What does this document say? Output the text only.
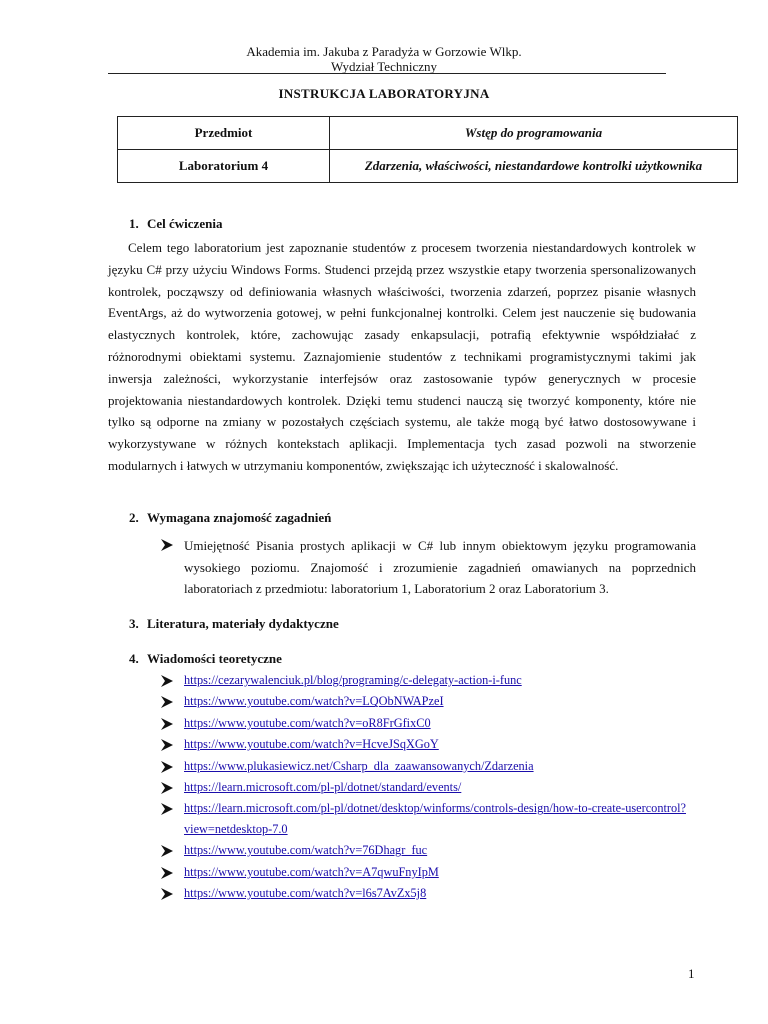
Akademia im. Jakuba z Paradyża w Gorzowie Wlkp.
Wydział Techniczny
INSTRUKCJA LABORATORYJNA
Przedmiot	Wstęp do programowania
Laboratorium 4	Zdarzenia, właściwości, niestandardowe kontrolki użytkownika
1. Cel ćwiczenia

Celem tego laboratorium jest zapoznanie studentów z procesem tworzenia niestandardowych kontrolek w języku C# przy użyciu Windows Forms. Studenci przejdą przez wszystkie etapy tworzenia spersonalizowanych kontrolek, począwszy od definiowania własnych właściwości, tworzenia zdarzeń, poprzez pisanie własnych EventArgs, aż do wytworzenia gotowej, w pełni funkcjonalnej kontrolki. Celem jest nauczenie się budowania elastycznych kontrolek, które, zachowując zasady enkapsulacji, potrafią efektywnie współdziałać z różnorodnymi obiektami systemu. Zaznajomienie studentów z technikami programistycznymi takimi jak inwersja zależności, wykorzystanie interfejsów oraz zastosowanie typów generycznych w procesie projektowania niestandardowych kontrolek. Dzięki temu studenci nauczą się tworzyć komponenty, które nie tylko są odporne na zmiany w pozostałych częściach systemu, ale także mogą być łatwo dostosowywane i wykorzystywane w różnych kontekstach aplikacji. Implementacja tych zasad pozwoli na stworzenie modularnych i łatwych w utrzymaniu komponentów, zwiększając ich użyteczność i skalowalność.

2. Wymagana znajomość zagadnień
Umiejętność Pisania prostych aplikacji w C# lub innym obiektowym języku programowania wysokiego poziomu. Znajomość i zrozumienie zagadnień omawianych na poprzednich laboratoriach z przedmiotu: laboratorium 1, Laboratorium 2 oraz Laboratorium 3.
3. Literatura, materiały dydaktyczne
4. Wiadomości teoretyczne
https://cezarywalenciuk.pl/blog/programing/c-delegaty-action-i-func
https://www.youtube.com/watch?v=LQObNWAPzeI
https://www.youtube.com/watch?v=oR8FrGfixC0
https://www.youtube.com/watch?v=HcveJSqXGoY
https://www.plukasiewicz.net/Csharp_dla_zaawansowanych/Zdarzenia
https://learn.microsoft.com/pl-pl/dotnet/standard/events/
https://learn.microsoft.com/pl-pl/dotnet/desktop/winforms/controls-design/how-to-create-usercontrol?view=netdesktop-7.0
https://www.youtube.com/watch?v=76Dhagr_fuc
https://www.youtube.com/watch?v=A7qwuFnyIpM
https://www.youtube.com/watch?v=l6s7AvZx5j8
1
